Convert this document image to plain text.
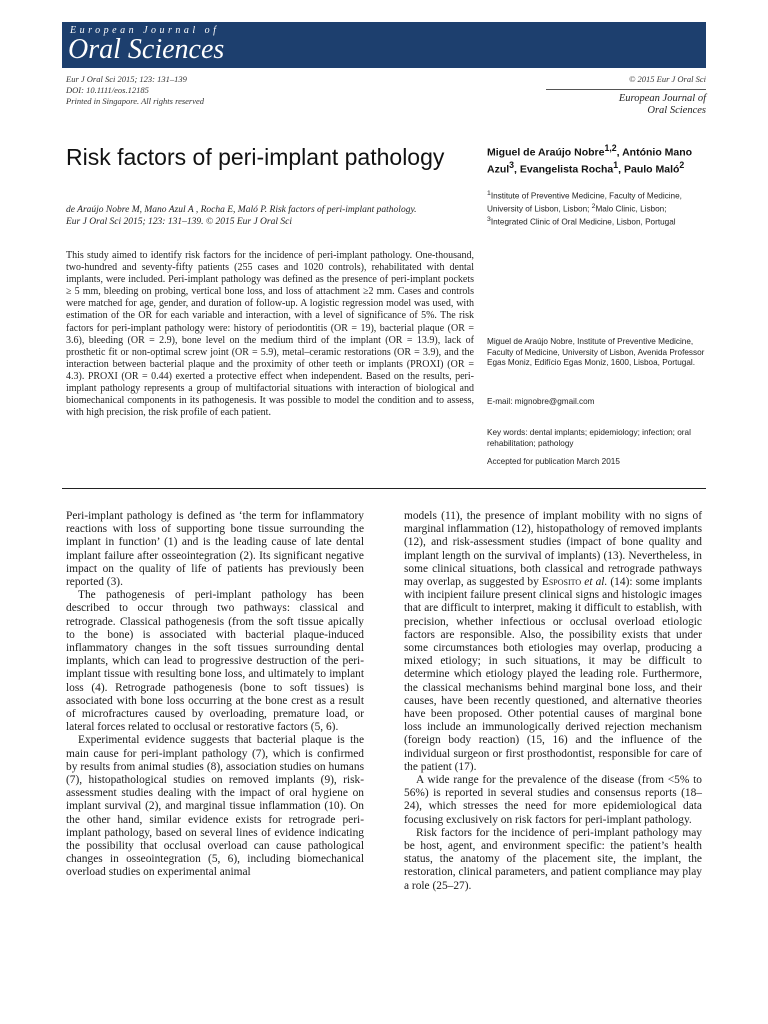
European Journal of
Oral Sciences
Eur J Oral Sci 2015; 123: 131–139
DOI: 10.1111/eos.12185
Printed in Singapore. All rights reserved
© 2015 Eur J Oral Sci
European Journal of
Oral Sciences
Risk factors of peri-implant pathology
de Araújo Nobre M, Mano Azul A , Rocha E, Maló P. Risk factors of peri-implant pathology.
Eur J Oral Sci 2015; 123: 131–139. © 2015 Eur J Oral Sci
This study aimed to identify risk factors for the incidence of peri-implant pathology. One-thousand, two-hundred and seventy-fifty patients (255 cases and 1020 controls), rehabilitated with dental implants, were included. Peri-implant pathology was defined as the presence of peri-implant pockets ≥ 5 mm, bleeding on probing, vertical bone loss, and loss of attachment ≥2 mm. Cases and controls were matched for age, gender, and duration of follow-up. A logistic regression model was used, with estimation of the OR for each variable and interaction, with a level of significance of 5%. The risk factors for peri-implant pathology were: history of periodontitis (OR = 19), bacterial plaque (OR = 3.6), bleeding (OR = 2.9), bone level on the medium third of the implant (OR = 13.9), lack of prosthetic fit or non-optimal screw joint (OR = 5.9), metal–ceramic restorations (OR = 3.9), and the interaction between bacterial plaque and the proximity of other teeth or implants (PROXI) (OR = 4.3). PROXI (OR = 0.44) exerted a protective effect when independent. Based on the results, peri-implant pathology represents a group of multifactorial situations with interaction of biological and biomechanical components in its pathogenesis. It was possible to model the condition and to assess, with high precision, the risk profile of each patient.
Miguel de Araújo Nobre$^{1,2}$, António Mano Azul$^3$, Evangelista Rocha$^1$, Paulo Maló$^2$
$^1$Institute of Preventive Medicine, Faculty of Medicine, University of Lisbon, Lisbon; $^2$Malo Clinic, Lisbon; $^3$Integrated Clinic of Oral Medicine, Lisbon, Portugal
Miguel de Araújo Nobre, Institute of Preventive Medicine, Faculty of Medicine, University of Lisbon, Avenida Professor Egas Moniz, Edifício Egas Moniz, 1600, Lisboa, Portugal.
E-mail: mignobre@gmail.com
Key words: dental implants; epidemiology; infection; oral rehabilitation; pathology
Accepted for publication March 2015

Peri-implant pathology is defined as ‘the term for inflammatory reactions with loss of supporting bone tissue surrounding the implant in function’ (1) and is the leading cause of late dental implant failure after osseointegration (2). Its significant negative impact on the quality of life of patients has previously been reported (3).

The pathogenesis of peri-implant pathology has been described to occur through two pathways: classical and retrograde. Classical pathogenesis (from the soft tissue apically to the bone) is associated with bacterial plaque-induced inflammatory changes in the soft tissues surrounding dental implants, which can lead to progressive destruction of the peri-implant tissue with resulting bone loss, and ultimately to implant loss (4). Retrograde pathogenesis (bone to soft tissues) is associated with bone loss occurring at the bone crest as a result of microfractures caused by overloading, premature load, or lateral forces related to occlusal or restorative factors (5, 6).

Experimental evidence suggests that bacterial plaque is the main cause for peri-implant pathology (7), which is confirmed by results from animal studies (8), association studies on humans (7), histopathological studies on removed implants (9), risk-assessment studies dealing with the impact of oral hygiene on implant survival (2), and marginal tissue inflammation (10). On the other hand, similar evidence exists for retrograde peri-implant pathology, based on several lines of evidence indicating the possibility that occlusal overload can cause pathological changes in osseointegration (5, 6), including biomechanical overload studies on experimental animal

models (11), the presence of implant mobility with no signs of marginal inflammation (12), histopathology of removed implants (12), and risk-assessment studies (impact of bone quality and implant length on the survival of implants) (13). Nevertheless, in some clinical situations, both classical and retrograde pathways may overlap, as suggested by Esposito et al. (14): some implants with incipient failure present clinical signs and histologic images that are difficult to interpret, making it difficult to establish, with precision, whether infectious or occlusal overload etiologic factors are responsible. Also, the possibility exists that under some circumstances both etiologies may overlap, producing a mixed etiology; in such situations, it may be difficult to determine which etiology played the leading role. Furthermore, the classical mechanisms behind marginal bone loss, and their causes, have been recently questioned, and alternative theories have been proposed. Other potential causes of marginal bone loss include an immunologically derived rejection mechanism (foreign body reaction) (15, 16) and the influence of the individual surgeon or first prosthodontist, responsible for care of the patient (17).

A wide range for the prevalence of the disease (from <5% to 56%) is reported in several studies and consensus reports (18–24), which stresses the need for more epidemiological data focusing exclusively on risk factors for peri-implant pathology.

Risk factors for the incidence of peri-implant pathology may be host, agent, and environment specific: the patient’s health status, the anatomy of the placement site, the implant, the restoration, clinical parameters, and patient compliance may play a role (25–27).
